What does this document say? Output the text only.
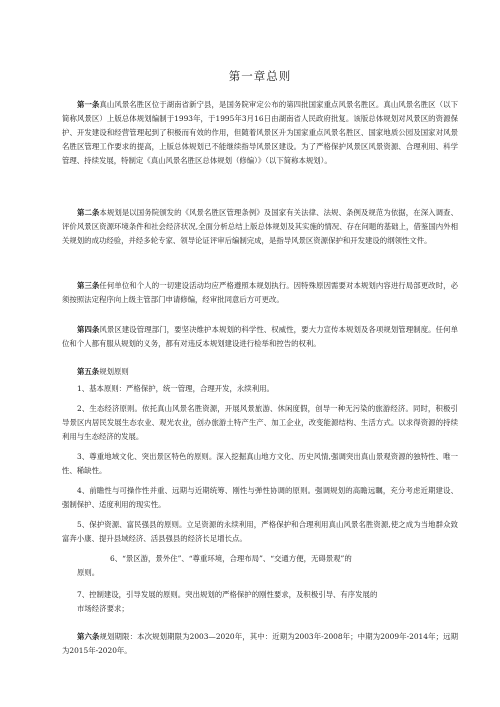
第一章总则

第一条真山风景名胜区位于湖南省新宁县，是国务院审定公布的第四批国家重点风景名胜区。真山风景名胜区（以下简称风景区）上版总体规划编制于1993年，于1995年3月16日由湖南省人民政府批复。该版总体规划对风景区的资源保护、开发建设和经营管理起到了积极而有效的作用，但随着风景区升为国家重点风景名胜区、国家地质公园及国家对风景名胜区管理工作要求的提高，上版总体规划已不能继续指导风景区建设。为了严格保护风景区风景资源、合理利用、科学管理、持续发展，特制定《真山风景名胜区总体规划（修编）》（以下简称本规划）。

第二条本规划是以国务院颁发的《风景名胜区管理条例》及国家有关法律、法规、条例及规范为依据，在深入调查、评价风景区资源环境条件和社会经济状况,全面分析总结上版总体规划及其实施的情况、存在问题的基础上，借鉴国内外相关规划的成功经验，并经多轮专家、领导论证评审后编制完成，是指导风景区资源保护和开发建设的纲领性文件。

第三条任何单位和个人的一切建设活动均应严格遵照本规划执行。因特殊原因需要对本规划内容进行局部更改时，必须按照法定程序向上级主管部门申请修编，经审批同意后方可更改。

第四条风景区建设管理部门，要坚决维护本规划的科学性、权威性，要大力宣传本规划及各项规划管理制度。任何单位和个人都有服从规划的义务，都有对违反本规划建设进行检举和控告的权利。

第五条规划原则

1、基本原则：严格保护，统一管理，合理开发，永续利用。

2、生态经济原则。依托真山风景名胜资源，开展风景旅游、休闲度假，创导一种无污染的旅游经济。同时，积极引导景区内居民发展生态农业、观光农业，创办旅游土特产生产、加工企业，改变能源结构、生活方式。以求得资源的持续利用与生态经济的发展。

3、尊重地域文化、突出景区特色的原则。深入挖掘真山地方文化、历史风情,强调突出真山景观资源的独特性、唯一性、稀缺性。

4、前瞻性与可操作性并重、远期与近期统筹、刚性与弹性协调的原则。强调规划的高瞻远瞩，充分考虑近期建设、强制保护、适度利用的现实性。

5、保护资源、富民强县的原则。立足资源的永续利用，严格保护和合理利用真山风景名胜资源,使之成为当地群众致富奔小康、提升县域经济、活县强县的经济长足增长点。

6、“景区游，景外住”、“尊重环境，合理布局”、“交通方便，无碍景观”的
原则。
7、控制建设，引导发展的原则。突出规划的严格保护的刚性要求，及积极引导、有序发展的
市场经济要求；

第六条规划期限：本次规划期限为2003—2020年，其中：近期为2003年-2008年；中期为2009年-2014年；远期为2015年-2020年。
